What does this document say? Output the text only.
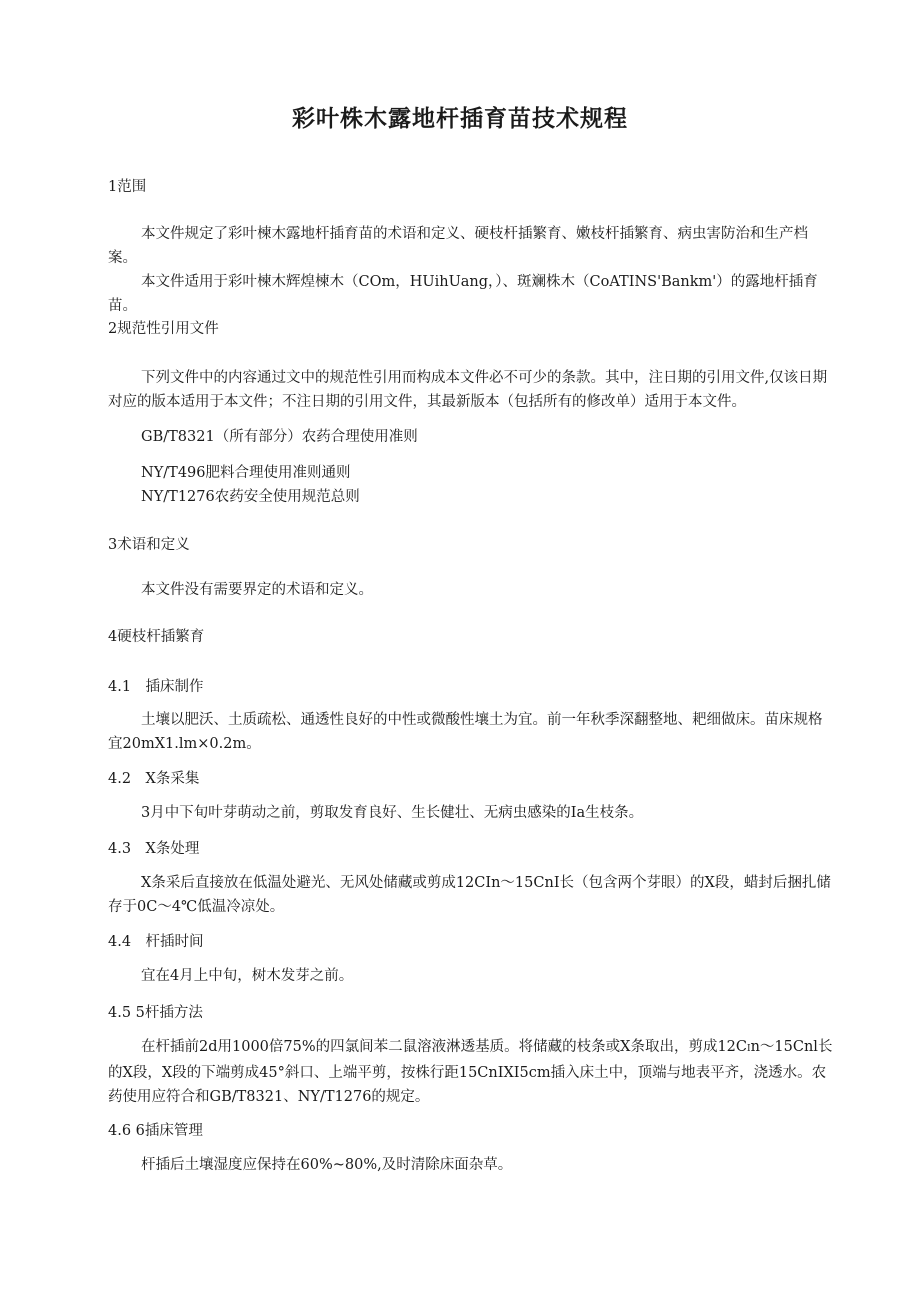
彩叶株木露地杆插育苗技术规程
1范围
本文件规定了彩叶楝木露地杆插育苗的术语和定义、硬枝杆插繁育、嫩枝杆插繁育、病虫害防治和生产档案。
本文件适用于彩叶楝木辉煌楝木（COm，HUihUang，）、斑斓株木（CoATINS'Bankm'）的露地杆插育苗。
2规范性引用文件
下列文件中的内容通过文中的规范性引用而构成本文件必不可少的条款。其中，注日期的引用文件,仅该日期对应的版本适用于本文件；不注日期的引用文件，其最新版本（包括所有的修改单）适用于本文件。
GB/T8321（所有部分）农药合理使用准则
NY/T496肥料合理使用准则通则
NY/T1276农药安全使用规范总则
3术语和定义
本文件没有需要界定的术语和定义。
4硬枝杆插繁育
4.1　插床制作
土壤以肥沃、土质疏松、通透性良好的中性或微酸性壤土为宜。前一年秋季深翻整地、耙细做床。苗床规格宜20mX1.lm×0.2m。
4.2　X条采集
3月中下旬叶芽萌动之前，剪取发育良好、生长健壮、无病虫感染的Ia生枝条。
4.3　X条处理
X条采后直接放在低温处避光、无风处储藏或剪成12CIn～15CnI长（包含两个芽眼）的X段，蜡封后捆扎储存于0C～4℃低温冷凉处。
4.4　杆插时间
宜在4月上中旬，树木发芽之前。
4.5 5杆插方法
在杆插前2d用1000倍75%的四氯间苯二鼠溶液淋透基质。将储藏的枝条或X条取出，剪成12CIn～15Cnl长的X段，X段的下端剪成45°斜口、上端平剪，按株行距15CnIXI5cm插入床土中，顶端与地表平齐，浇透水。农药使用应符合和GB/T8321、NY/T1276的规定。
4.6 6插床管理
杆插后土壤湿度应保持在60%~80%,及时清除床面杂草。
